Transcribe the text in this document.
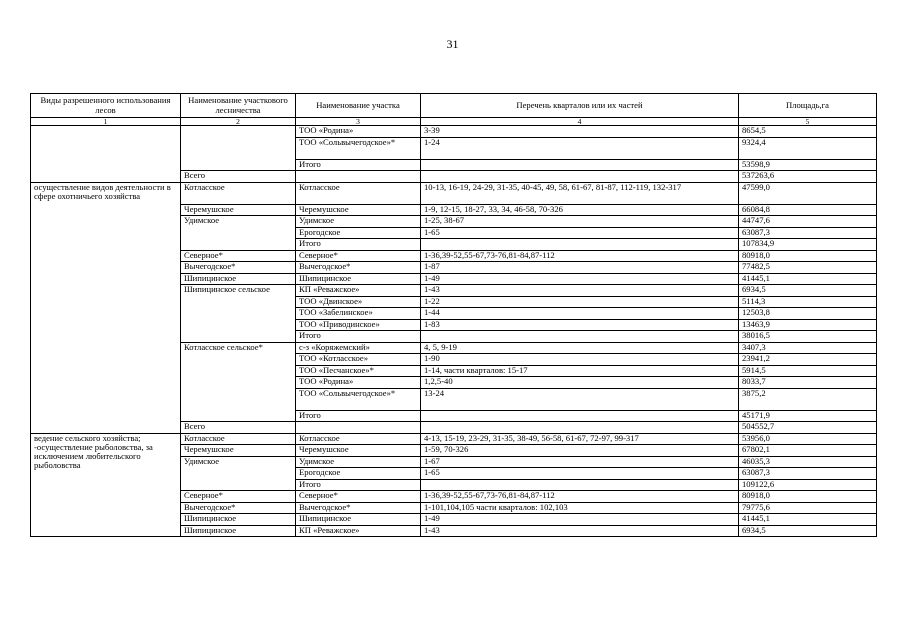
31
Виды разрешенного использования лесов	Наименование участкового лесничества	Наименование участка	Перечень кварталов или их частей	Площадь,га
1	2	3	4	5
		ТОО «Родина»	3-39	8654,5
		ТОО «Сольвычегодское»*	1-24	9324,4
		Итого		53598,9
	Всего			537263,6
осуществление видов деятельности в сфере охотничьего хозяйства	Котласское	Котласское	10-13, 16-19, 24-29, 31-35, 40-45, 49, 58, 61-67, 81-87, 112-119, 132-317	47599,0
	Черемушское	Черемушское	1-9, 12-15, 18-27, 33, 34, 46-58, 70-326	66084,8
	Удимское	Удимское	1-25, 38-67	44747,6
		Ерогодское	1-65	63087,3
		Итого		107834,9
	Северное*	Северное*	1-36,39-52,55-67,73-76,81-84,87-112	80918,0
	Вычегодское*	Вычегодское*	1-87	77482,5
	Шипицинское	Шипицинское	1-49	41445,1
	Шипицинское сельское	КП «Реважское»	1-43	6934,5
		ТОО «Двинское»	1-22	5114,3
		ТОО «Забелинское»	1-44	12503,8
		ТОО «Приводинское»	1-83	13463,9
		Итого		38016,5
	Котласское сельское*	с-з «Коряжемский»	4, 5, 9-19	3407,3
		ТОО «Котласское»	1-90	23941,2
		ТОО «Песчанское»*	1-14, части кварталов: 15-17	5914,5
		ТОО «Родина»	1,2,5-40	8033,7
		ТОО «Сольвычегодское»*	13-24	3875,2
		Итого		45171,9
	Всего			504552,7
ведение сельского хозяйства; -осуществление рыболовства, за исключением любительского рыболовства	Котласское	Котласское	4-13, 15-19, 23-29, 31-35, 38-49, 56-58, 61-67, 72-97, 99-317	53956,0
	Черемушское	Черемушское	1-59, 70-326	67802,1
	Удимское	Удимское	1-67	46035,3
		Ерогодское	1-65	63087,3
		Итого		109122,6
	Северное*	Северное*	1-36,39-52,55-67,73-76,81-84,87-112	80918,0
	Вычегодское*	Вычегодское*	1-101,104,105 части кварталов: 102,103	79775,6
	Шипицинское	Шипицинское	1-49	41445,1
	Шипицинское	КП «Реважское»	1-43	6934,5
